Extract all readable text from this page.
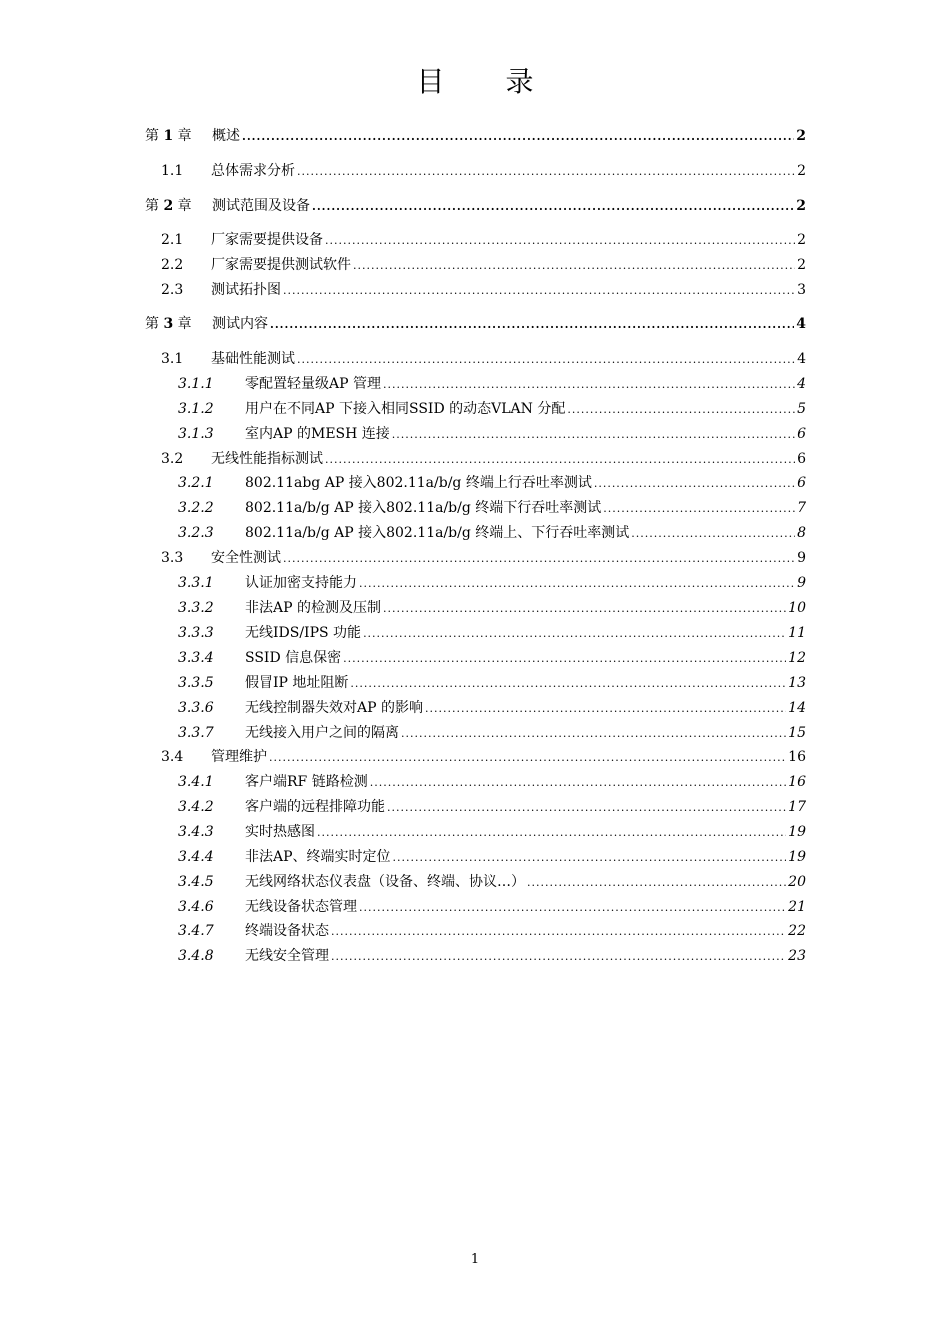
目 录
第 1 章	概述 .....	2
1.1	总体需求分析 .....	2
第 2 章	测试范围及设备 .....	2
2.1	厂家需要提供设备 .....	2
2.2	厂家需要提供测试软件 .....	2
2.3	测试拓扑图 .....	3
第 3 章	测试内容 .....	4
3.1	基础性能测试 .....	4
3.1.1	零配置轻量级AP 管理 .....	4
3.1.2	用户在不同AP 下接入相同SSID 的动态VLAN 分配 .....	5
3.1.3	室内AP 的MESH 连接 .....	6
3.2	无线性能指标测试 .....	6
3.2.1	802.11abg AP 接入802.11a/b/g 终端上行吞吐率测试 .....	6
3.2.2	802.11a/b/g AP 接入802.11a/b/g 终端下行吞吐率测试 .....	7
3.2.3	802.11a/b/g AP 接入802.11a/b/g 终端上、下行吞吐率测试 .....	8
3.3	安全性测试 .....	9
3.3.1	认证加密支持能力 .....	9
3.3.2	非法AP 的检测及压制 .....	10
3.3.3	无线IDS/IPS 功能 .....	11
3.3.4	SSID 信息保密 .....	12
3.3.5	假冒IP 地址阻断 .....	13
3.3.6	无线控制器失效对AP 的影响 .....	14
3.3.7	无线接入用户之间的隔离 .....	15
3.4	管理维护 .....	16
3.4.1	客户端RF 链路检测 .....	16
3.4.2	客户端的远程排障功能 .....	17
3.4.3	实时热感图 .....	19
3.4.4	非法AP、终端实时定位 .....	19
3.4.5	无线网络状态仪表盘（设备、终端、协议…） .....	20
3.4.6	无线设备状态管理 .....	21
3.4.7	终端设备状态 .....	22
3.4.8	无线安全管理 .....	23
1
